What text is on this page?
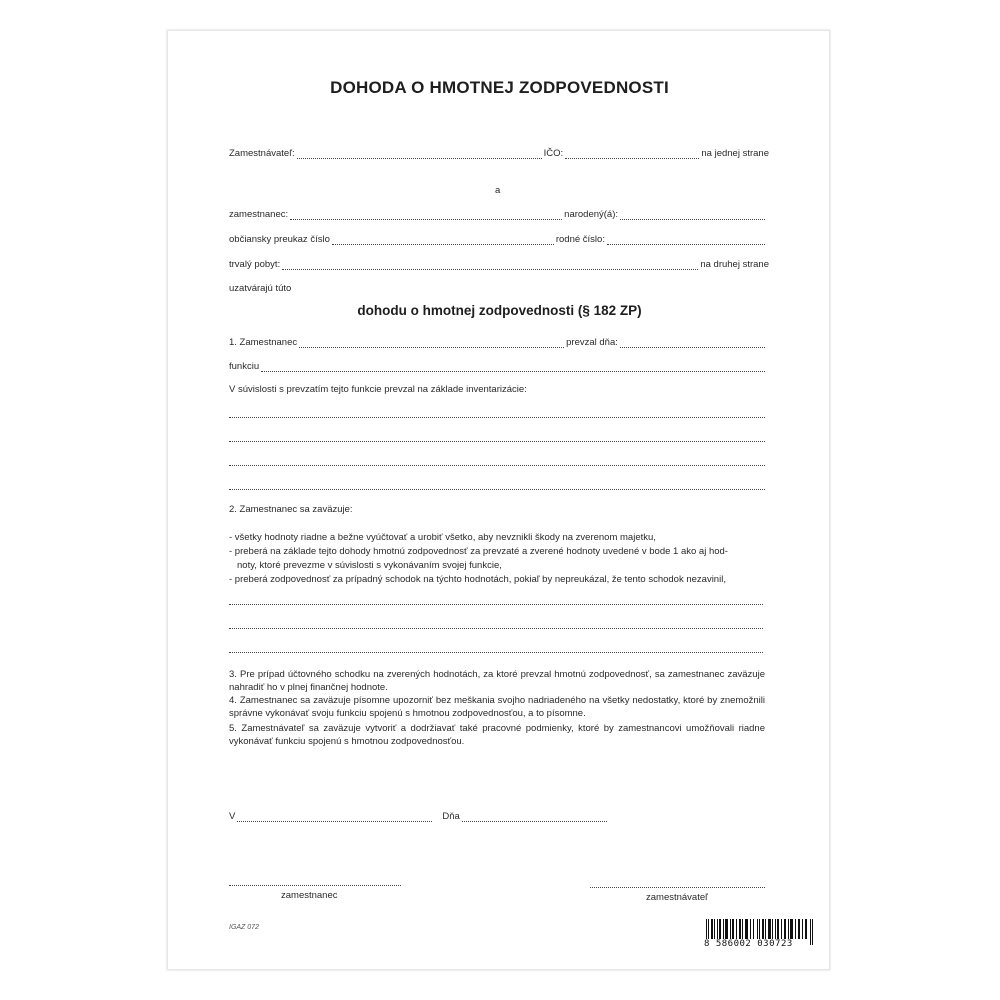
DOHODA O HMOTNEJ ZODPOVEDNOSTI
Zamestnávateľ:	IČO:	na jednej strane
a
zamestnanec:	narodený(á):
občiansky preukaz číslo	rodné číslo:
trvalý pobyt:	na druhej strane
uzatvárajú túto
dohodu o hmotnej zodpovednosti (§ 182 ZP)
1. Zamestnanec	prevzal dňa:
funkciu
V súvislosti s prevzatím tejto funkcie prevzal na základe inventarizácie:
2. Zamestnanec sa zaväzuje:
- všetky hodnoty riadne a bežne vyúčtovať a urobiť všetko, aby nevznikli škody na zverenom majetku,
- preberá na základe tejto dohody hmotnú zodpovednosť za prevzaté a zverené hodnoty uvedené v bode 1 ako aj hod-
noty, ktoré prevezme v súvislosti s vykonávaním svojej funkcie,
- preberá zodpovednosť za prípadný schodok na týchto hodnotách, pokiaľ by nepreukázal, že tento schodok nezavinil,
3. Pre prípad účtovného schodku na zverených hodnotách, za ktoré prevzal hmotnú zodpovednosť, sa zamestnanec zaväzuje nahradiť ho v plnej finančnej hodnote.
4. Zamestnanec sa zaväzuje písomne upozorniť bez meškania svojho nadriadeného na všetky nedostatky, ktoré by znemožnili správne vykonávať svoju funkciu spojenú s hmotnou zodpovednosťou, a to písomne.
5. Zamestnávateľ sa zaväzuje vytvoriť a dodržiavať také pracovné podmienky, ktoré by zamestnancovi umožňovali riadne vykonávať funkciu spojenú s hmotnou zodpovednosťou.
V	Dňa
zamestnanec	zamestnávateľ
IGAZ 072
8 586002 030723
